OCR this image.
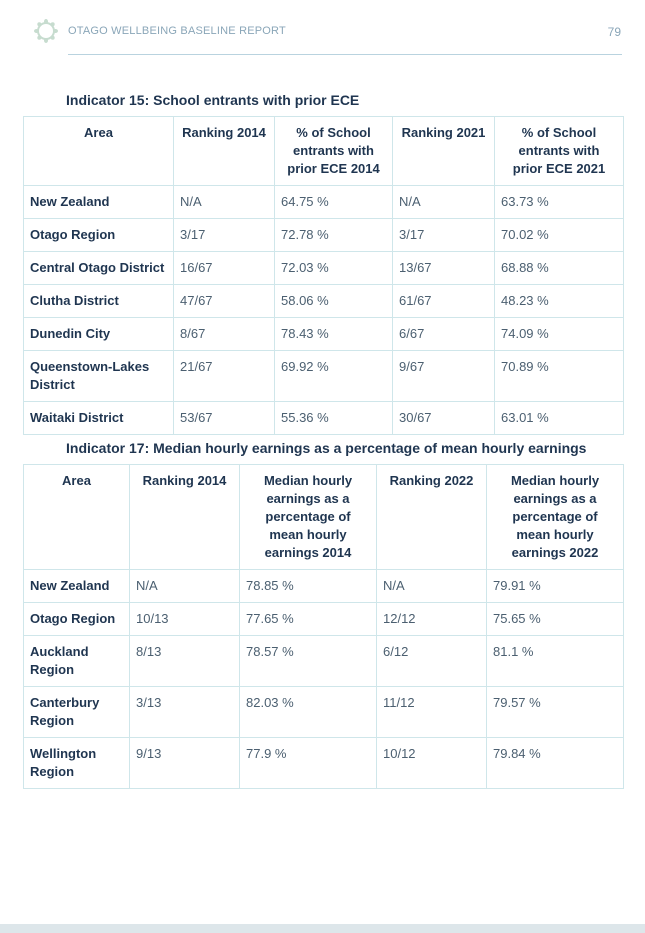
OTAGO WELLBEING BASELINE REPORT	79
Indicator 15: School entrants with prior ECE
Area	Ranking 2014	% of School entrants with prior ECE 2014	Ranking 2021	% of School entrants with prior ECE 2021
New Zealand	N/A	64.75 %	N/A	63.73 %
Otago Region	3/17	72.78 %	3/17	70.02 %
Central Otago District	16/67	72.03 %	13/67	68.88 %
Clutha District	47/67	58.06 %	61/67	48.23 %
Dunedin City	8/67	78.43 %	6/67	74.09 %
Queenstown-Lakes District	21/67	69.92 %	9/67	70.89 %
Waitaki District	53/67	55.36 %	30/67	63.01 %
Indicator 17: Median hourly earnings as a percentage of mean hourly earnings
Area	Ranking 2014	Median hourly earnings as a percentage of mean hourly earnings 2014	Ranking 2022	Median hourly earnings as a percentage of mean hourly earnings 2022
New Zealand	N/A	78.85 %	N/A	79.91 %
Otago Region	10/13	77.65 %	12/12	75.65 %
Auckland Region	8/13	78.57 %	6/12	81.1 %
Canterbury Region	3/13	82.03 %	11/12	79.57 %
Wellington Region	9/13	77.9 %	10/12	79.84 %
